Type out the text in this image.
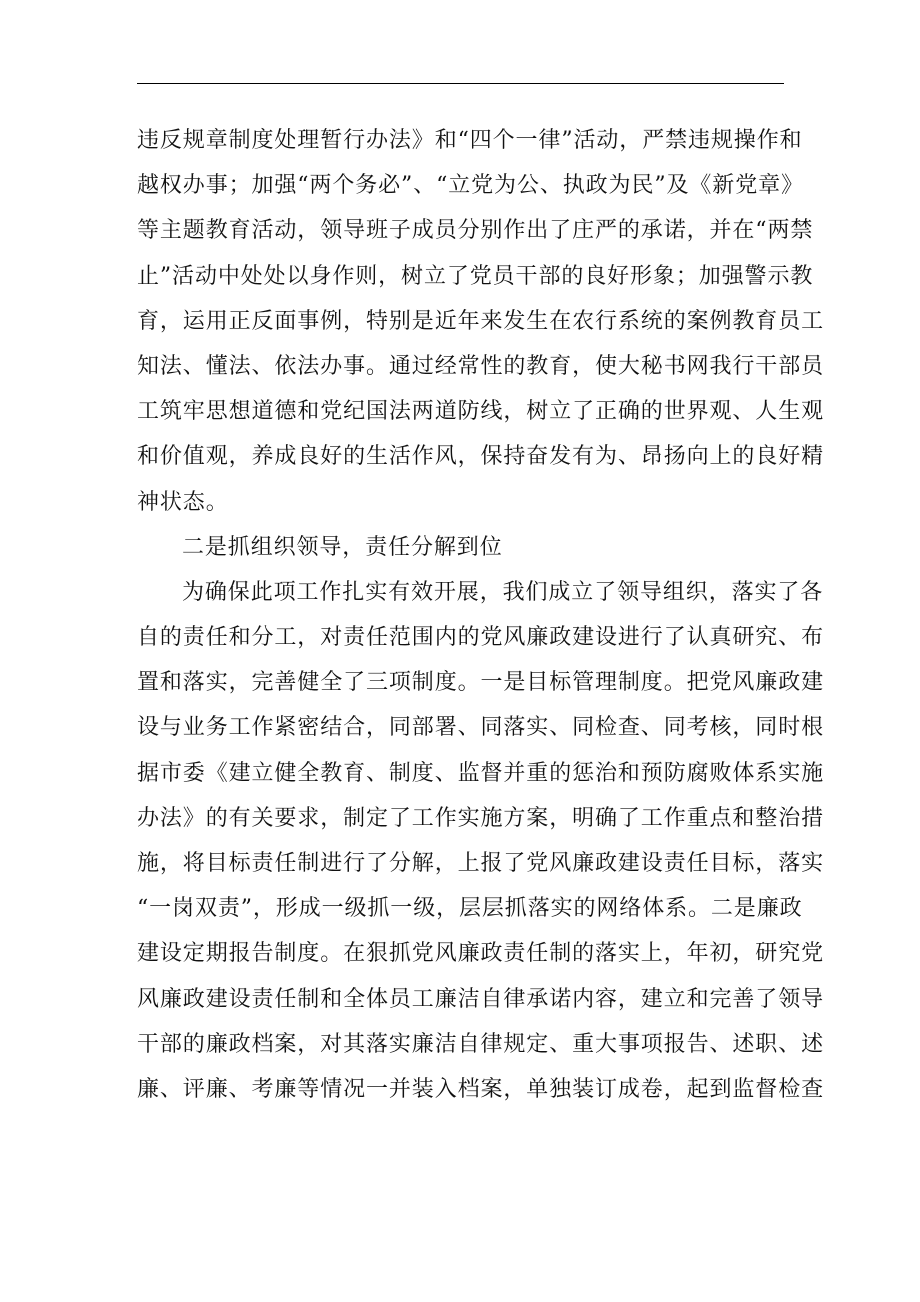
违反规章制度处理暂行办法》和“四个一律”活动，严禁违规操作和
越权办事；加强“两个务必”、“立党为公、执政为民”及《新党章》
等主题教育活动，领导班子成员分别作出了庄严的承诺，并在“两禁
止”活动中处处以身作则，树立了党员干部的良好形象；加强警示教
育，运用正反面事例，特别是近年来发生在农行系统的案例教育员工
知法、懂法、依法办事。通过经常性的教育，使大秘书网我行干部员
工筑牢思想道德和党纪国法两道防线，树立了正确的世界观、人生观
和价值观，养成良好的生活作风，保持奋发有为、昂扬向上的良好精
神状态。
二是抓组织领导，责任分解到位
为确保此项工作扎实有效开展，我们成立了领导组织，落实了各
自的责任和分工，对责任范围内的党风廉政建设进行了认真研究、布
置和落实，完善健全了三项制度。一是目标管理制度。把党风廉政建
设与业务工作紧密结合，同部署、同落实、同检查、同考核，同时根
据市委《建立健全教育、制度、监督并重的惩治和预防腐败体系实施
办法》的有关要求，制定了工作实施方案，明确了工作重点和整治措
施，将目标责任制进行了分解，上报了党风廉政建设责任目标，落实
“一岗双责”，形成一级抓一级，层层抓落实的网络体系。二是廉政
建设定期报告制度。在狠抓党风廉政责任制的落实上，年初，研究党
风廉政建设责任制和全体员工廉洁自律承诺内容，建立和完善了领导
干部的廉政档案，对其落实廉洁自律规定、重大事项报告、述职、述
廉、评廉、考廉等情况一并装入档案，单独装订成卷，起到监督检查
